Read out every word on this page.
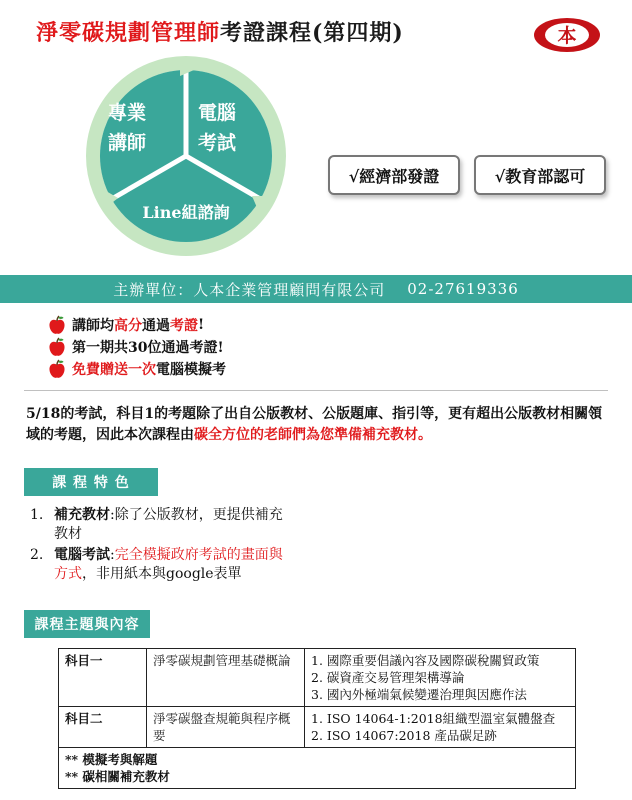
淨零碳規劃管理師考證課程(第四期)	本
專業
講師
電腦
考試
Line組諮詢
√經濟部發證	√教育部認可
主辦單位：人本企業管理顧問有限公司 02-27619336
講師均 高分 通過 考證 !
第一期共30位通過考證!
免費贈送一次 電腦模擬考
5/18的考試，科目1的考題除了出自公版教材、公版題庫、指引等，更有超出公版教材相關領域的考題，因此本次課程由碳全方位的老師們為您準備補充教材。
課 程 特 色
1. 補充教材:除了公版教材，更提供補充教材
2. 電腦考試:完全模擬政府考試的畫面與方式，非用紙本與google表單
課程主題與內容
科目一	淨零碳規劃管理基礎概論	1. 國際重要倡議內容及國際碳稅關貿政策
2. 碳資產交易管理架構導論
3. 國內外極端氣候變遷治理與因應作法

科目二	淨零碳盤查規範與程序概要	1. ISO 14064-1:2018組織型溫室氣體盤查
2. ISO 14067:2018 產品碳足跡

** 模擬考與解題
** 碳相關補充教材		
